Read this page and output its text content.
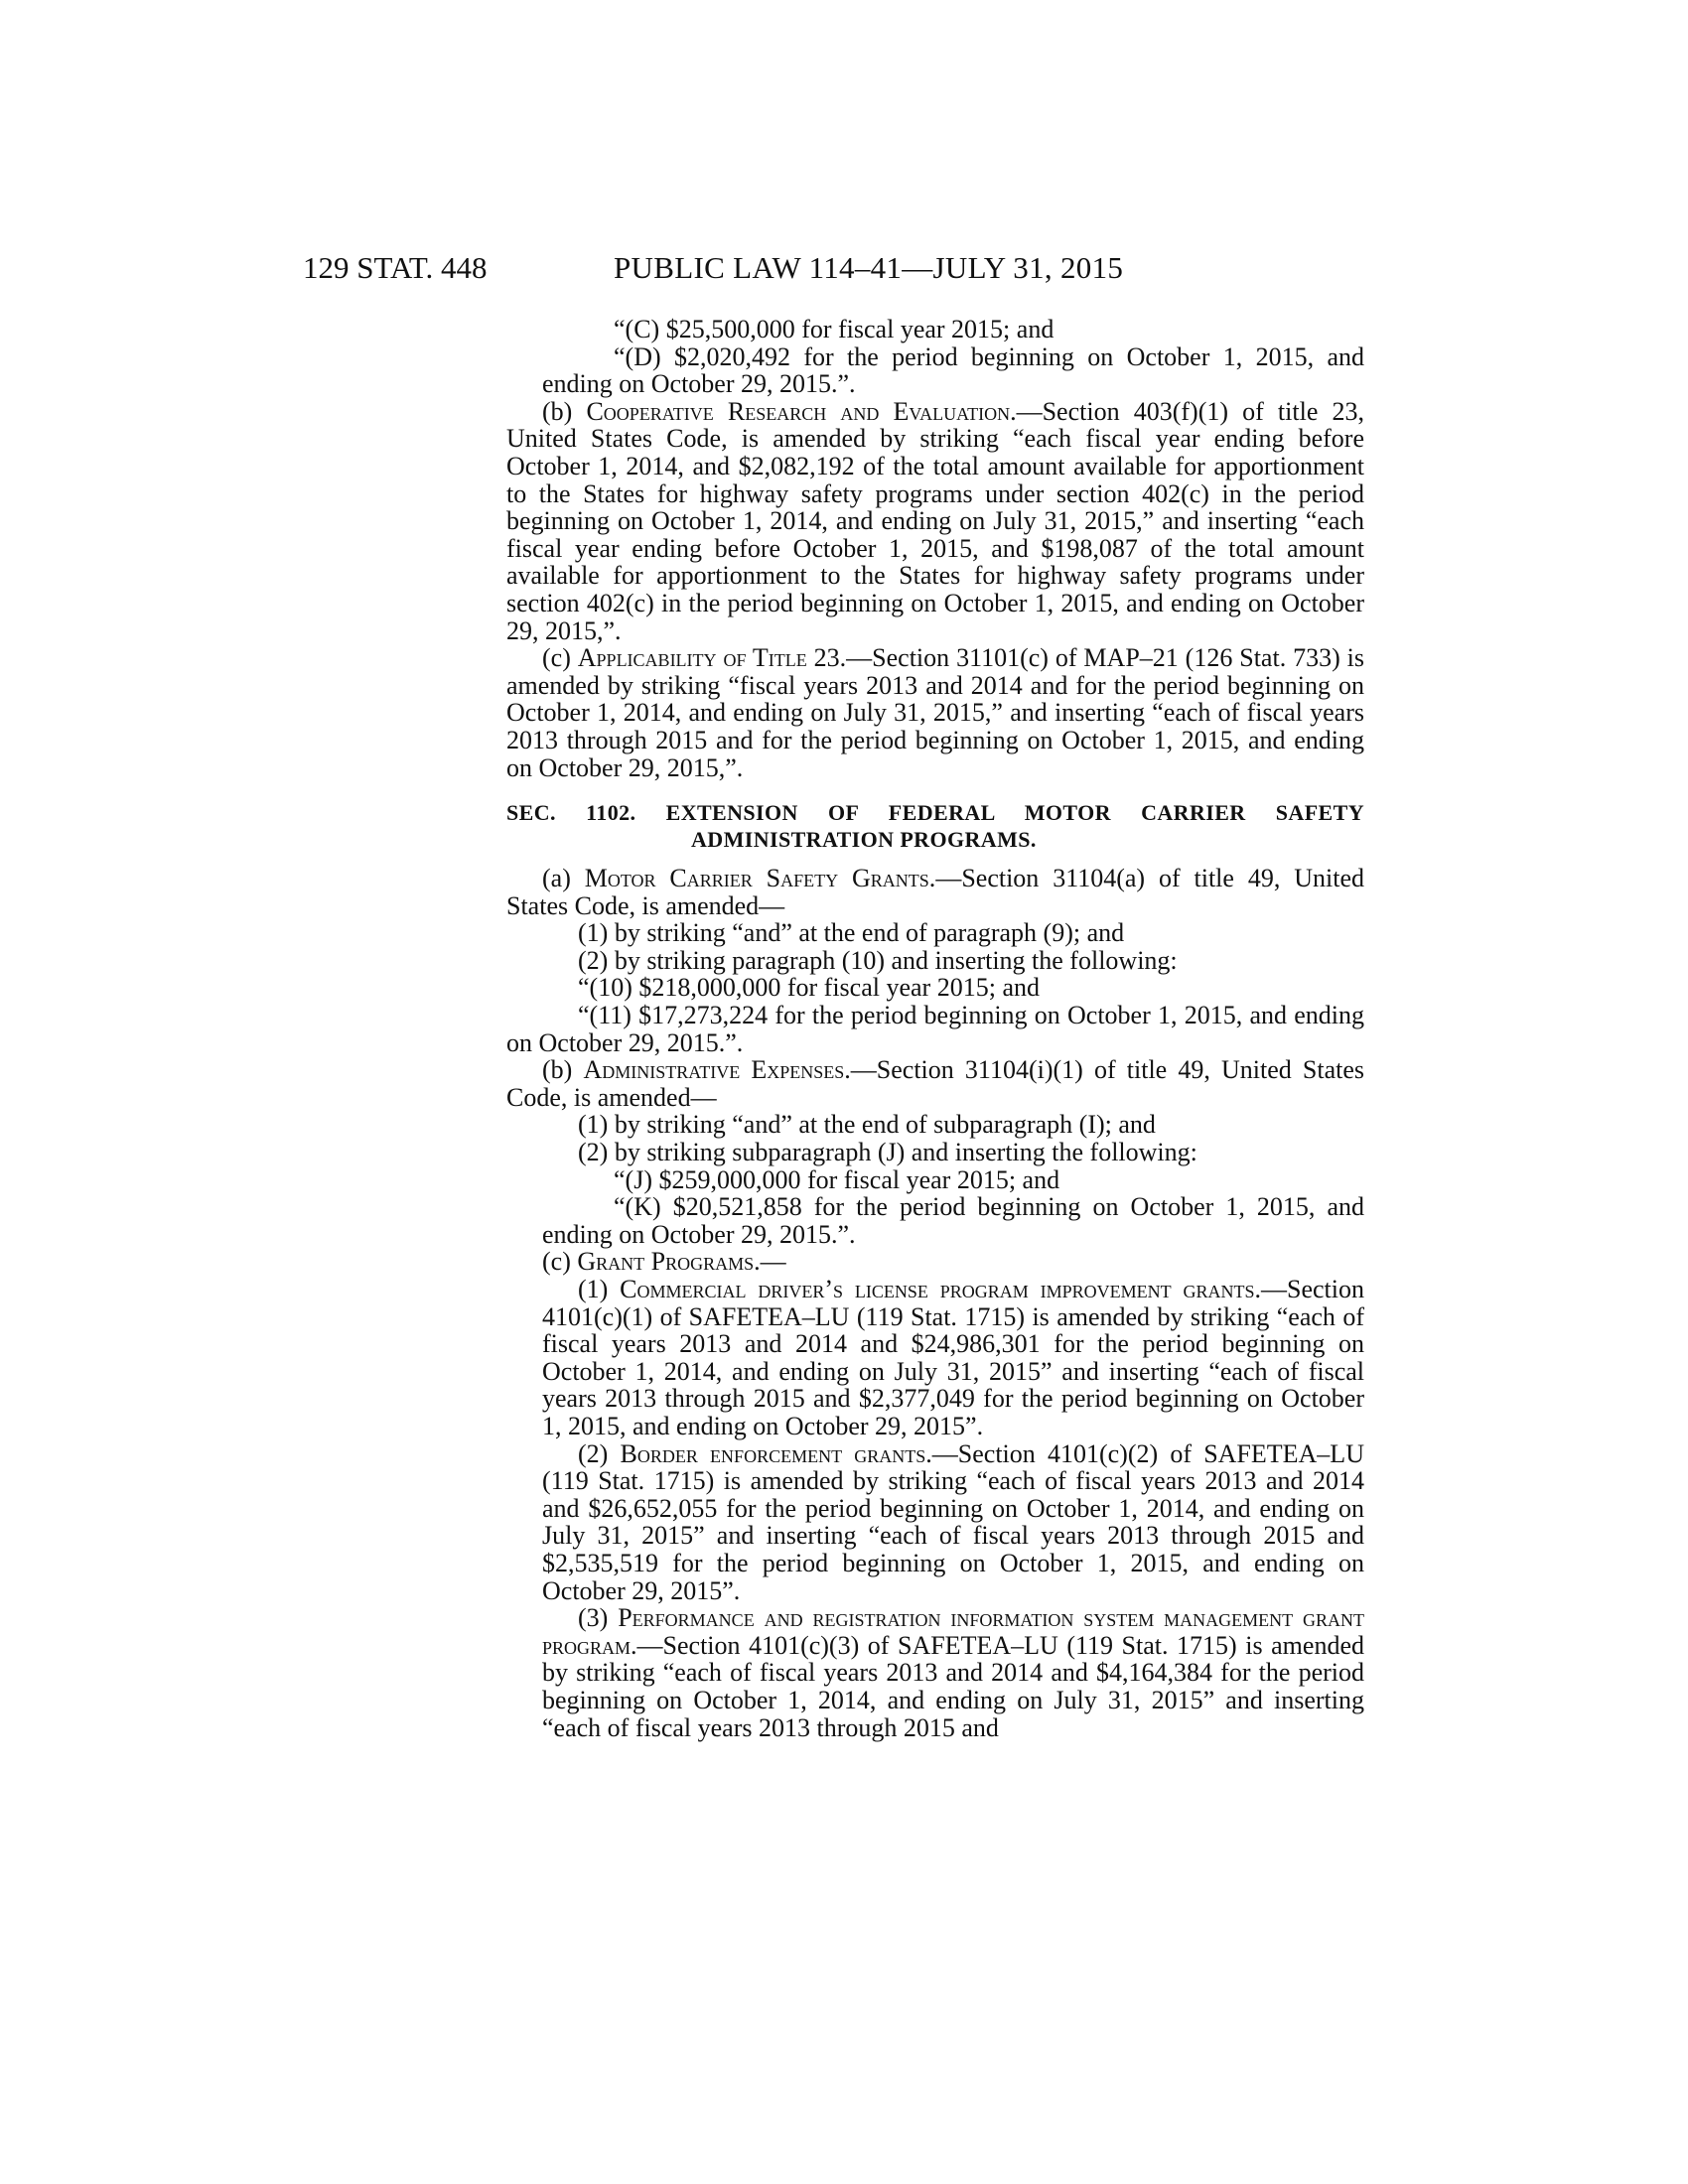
129 STAT. 448	PUBLIC LAW 114–41—JULY 31, 2015

“(C) $25,500,000 for fiscal year 2015; and

“(D) $2,020,492 for the period beginning on October 1, 2015, and ending on October 29, 2015.”.

(b) Cooperative Research and Evaluation.—Section 403(f)(1) of title 23, United States Code, is amended by striking “each fiscal year ending before October 1, 2014, and $2,082,192 of the total amount available for apportionment to the States for highway safety programs under section 402(c) in the period beginning on October 1, 2014, and ending on July 31, 2015,” and inserting “each fiscal year ending before October 1, 2015, and $198,087 of the total amount available for apportionment to the States for highway safety programs under section 402(c) in the period beginning on October 1, 2015, and ending on October 29, 2015,”.

(c) Applicability of Title 23.—Section 31101(c) of MAP–21 (126 Stat. 733) is amended by striking “fiscal years 2013 and 2014 and for the period beginning on October 1, 2014, and ending on July 31, 2015,” and inserting “each of fiscal years 2013 through 2015 and for the period beginning on October 1, 2015, and ending on October 29, 2015,”.

SEC. 1102. EXTENSION OF FEDERAL MOTOR CARRIER SAFETY ADMINISTRATION PROGRAMS.

(a) Motor Carrier Safety Grants.—Section 31104(a) of title 49, United States Code, is amended—

(1) by striking “and” at the end of paragraph (9); and

(2) by striking paragraph (10) and inserting the following:

“(10) $218,000,000 for fiscal year 2015; and

“(11) $17,273,224 for the period beginning on October 1, 2015, and ending on October 29, 2015.”.

(b) Administrative Expenses.—Section 31104(i)(1) of title 49, United States Code, is amended—

(1) by striking “and” at the end of subparagraph (I); and

(2) by striking subparagraph (J) and inserting the following:

“(J) $259,000,000 for fiscal year 2015; and

“(K) $20,521,858 for the period beginning on October 1, 2015, and ending on October 29, 2015.”.

(c) Grant Programs.—

(1) Commercial driver’s license program improvement grants.—Section 4101(c)(1) of SAFETEA–LU (119 Stat. 1715) is amended by striking “each of fiscal years 2013 and 2014 and $24,986,301 for the period beginning on October 1, 2014, and ending on July 31, 2015” and inserting “each of fiscal years 2013 through 2015 and $2,377,049 for the period beginning on October 1, 2015, and ending on October 29, 2015”.

(2) Border enforcement grants.—Section 4101(c)(2) of SAFETEA–LU (119 Stat. 1715) is amended by striking “each of fiscal years 2013 and 2014 and $26,652,055 for the period beginning on October 1, 2014, and ending on July 31, 2015” and inserting “each of fiscal years 2013 through 2015 and $2,535,519 for the period beginning on October 1, 2015, and ending on October 29, 2015”.

(3) Performance and registration information system management grant program.—Section 4101(c)(3) of SAFETEA–LU (119 Stat. 1715) is amended by striking “each of fiscal years 2013 and 2014 and $4,164,384 for the period beginning on October 1, 2014, and ending on July 31, 2015” and inserting “each of fiscal years 2013 through 2015 and
